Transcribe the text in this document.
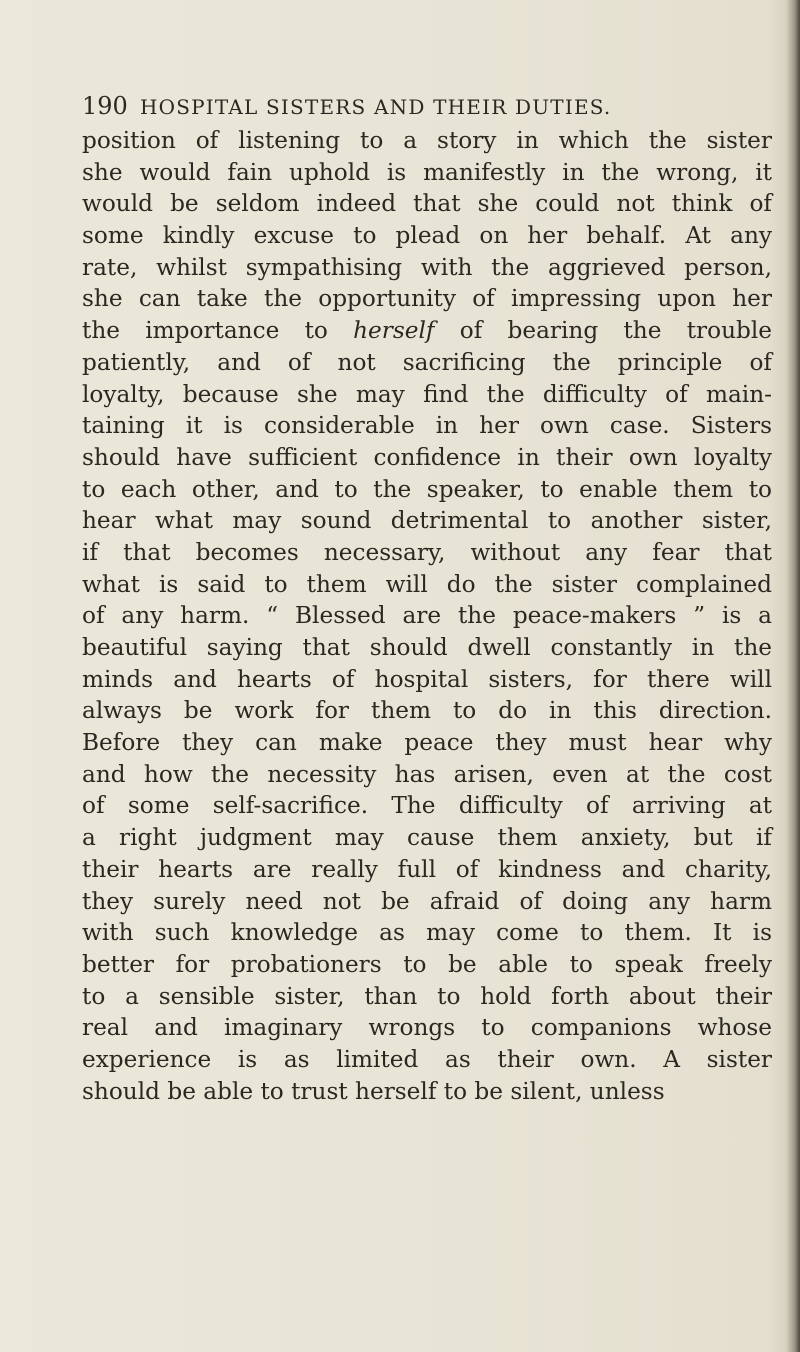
190 HOSPITAL SISTERS AND THEIR DUTIES.
position of listening to a story in which the sister
she would fain uphold is manifestly in the wrong, it
would be seldom indeed that she could not think of
some kindly excuse to plead on her behalf. At any
rate, whilst sympathising with the aggrieved person,
she can take the opportunity of impressing upon her
the importance to herself of bearing the trouble
patiently, and of not sacrificing the principle of
loyalty, because she may find the difficulty of main-
taining it is considerable in her own case. Sisters
should have sufficient confidence in their own loyalty
to each other, and to the speaker, to enable them to
hear what may sound detrimental to another sister,
if that becomes necessary, without any fear that
what is said to them will do the sister complained
of any harm. “ Blessed are the peace-makers ” is a
beautiful saying that should dwell constantly in the
minds and hearts of hospital sisters, for there will
always be work for them to do in this direction.
Before they can make peace they must hear why
and how the necessity has arisen, even at the cost
of some self-sacrifice. The difficulty of arriving at
a right judgment may cause them anxiety, but if
their hearts are really full of kindness and charity,
they surely need not be afraid of doing any harm
with such knowledge as may come to them. It is
better for probationers to be able to speak freely
to a sensible sister, than to hold forth about their
real and imaginary wrongs to companions whose
experience is as limited as their own. A sister
should be able to trust herself to be silent, unless
